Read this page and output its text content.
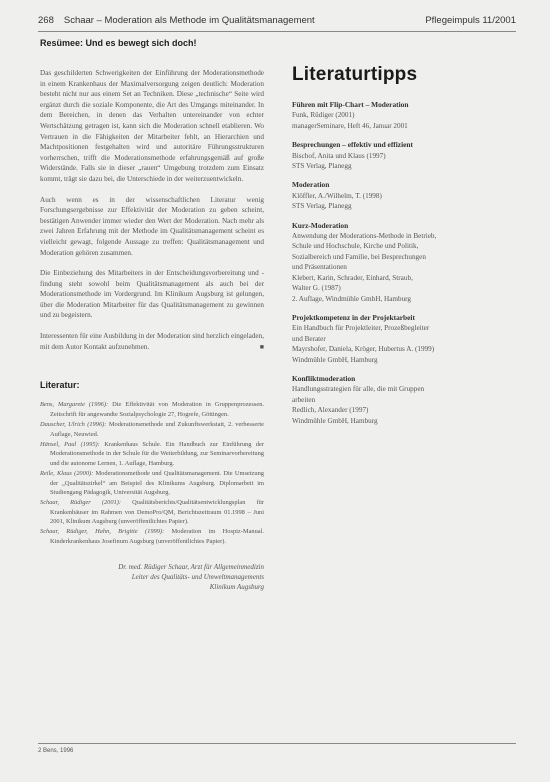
268 Schaar – Moderation als Methode im Qualitätsmanagement	Pflegeimpuls 11/2001
Resümee: Und es bewegt sich doch!

Das geschilderten Schwerigkeiten der Einführung der Moderationsmethode in einem Krankenhaus der Maximalversorgung zeigen deutlich: Moderation besteht nicht nur aus einem Set an Techniken. Diese „technische“ Seite wird ergänzt durch die soziale Komponente, die Art des Umgangs miteinander. In dem Bereichen, in denen das Verhalten untereinander von echter Wertschätzung getragen ist, kann sich die Moderation schnell etablieren. Wo Vertrauen in die Fähigkeiten der Mitarbeiter fehlt, an Hierarchien und Machtpositionen festgehalten wird und autoritäre Führungsstrukturen vorherrschen, trifft die Moderationsmethode erfahrungsgemäß auf große Widerstände. Falls sie in dieser „rauen“ Umgebung trotzdem zum Einsatz kommt, trägt sie dazu bei, die Unterschiede in der weiterzuentwickeln.

Auch wenn es in der wissenschaftlichen Literatur wenig Forschungsergebnisse zur Effektivität der Moderation zu geben scheint, bestätigen Anwender immer wieder den Wert der Moderation. Nach mehr als zwei Jahren Erfahrung mit der Methode im Qualitätsmanagement scheint es vielleicht gewagt, folgende Aussage zu treffen: Qualitätsmanagement und Moderation gehören zusammen.

Die Einbeziehung des Mitarbeiters in der Entscheidungsvorbereitung und -findung steht sowohl beim Qualitätsmanagement als auch bei der Moderationsmethode im Vordergrund. Im Klinikum Augsburg ist gelungen, über die Moderation Mitarbeiter für das Qualitätsmanagement zu gewinnen und zu begeistern.

Interessenten für eine Ausbildung in der Moderation sind herzlich eingeladen, mit dem Autor Kontakt aufzunehmen.	■

Literatur:
Bens, Margarete (1996): Die Effektivität von Moderation in Gruppenprozessen. Zeitschrift für angewandte Sozialpsychologie 27, Hogrefe, Göttingen.
Dauscher, Ulrich (1996): Moderationsmethode und Zukunftswerkstatt, 2. verbesserte Auflage, Neuwied.
Hänsel, Paul (1995): Krankenhaus Schule. Ein Handbuch zur Einführung der Moderationsmethode in der Schule für die Weiterbildung, zur Seminarvorbereitung und die autonome Lernen, 1. Auflage, Hamburg.
Reile, Klaus (2000): Moderationsmethode und Qualitätsmanagement. Die Umsetzung der „Qualitätszirkel“ am Beispiel des Klinikums Augsburg. Diplomarbeit im Studiengang Pädagogik, Universität Augsburg.
Schaar, Rüdiger (2001): Qualitätsberichts/Qualitätsentwicklungsplan für Krankenhäuser im Rahmen von DemoPro/QM, Berichtszeitraum 01.1998 – Juni 2001, Klinikum Augsburg (unveröffentlichtes Papier).
Schaar, Rüdiger, Hahn, Brigitte (1999): Moderation im Hospiz-Manual. Kinderkrankenhaus Josefinum Augsburg (unveröffentlichtes Papier).
Dr. med. Rüdiger Schaar, Arzt für Allgemeinmedizin
Leiter des Qualitäts- und Umweltmanagements
Klinikum Augsburg
Literaturtipps
Führen mit Flip-Chart – Moderation
Funk, Rüdiger (2001)
managerSeminare, Heft 46, Januar 2001
Besprechungen – effektiv und effizient
Bischof, Anita und Klaus (1997)
STS Verlag, Planegg
Moderation
Klöffler, A./Wilhelm, T. (1998)
STS Verlag, Planegg
Kurz-Moderation
Anwendung der Moderations-Methode in Betrieb,
Schule und Hochschule, Kirche und Politik,
Sozialbereich und Familie, bei Besprechungen
und Präsentationen
Klebert, Karin, Schrader, Einhard, Straub,
Walter G. (1987)
2. Auflage, Windmühle GmbH, Hamburg
Projektkompetenz in der Projektarbeit
Ein Handbuch für Projektleiter, Prozeßbegleiter
und Berater
Mayrshofer, Daniela, Kröger, Hubertus A. (1999)
Windmühle GmbH, Hamburg
Konfliktmoderation
Handlungsstrategien für alle, die mit Gruppen
arbeiten
Redlich, Alexander (1997)
Windmühle GmbH, Hamburg
2 Bens, 1996
